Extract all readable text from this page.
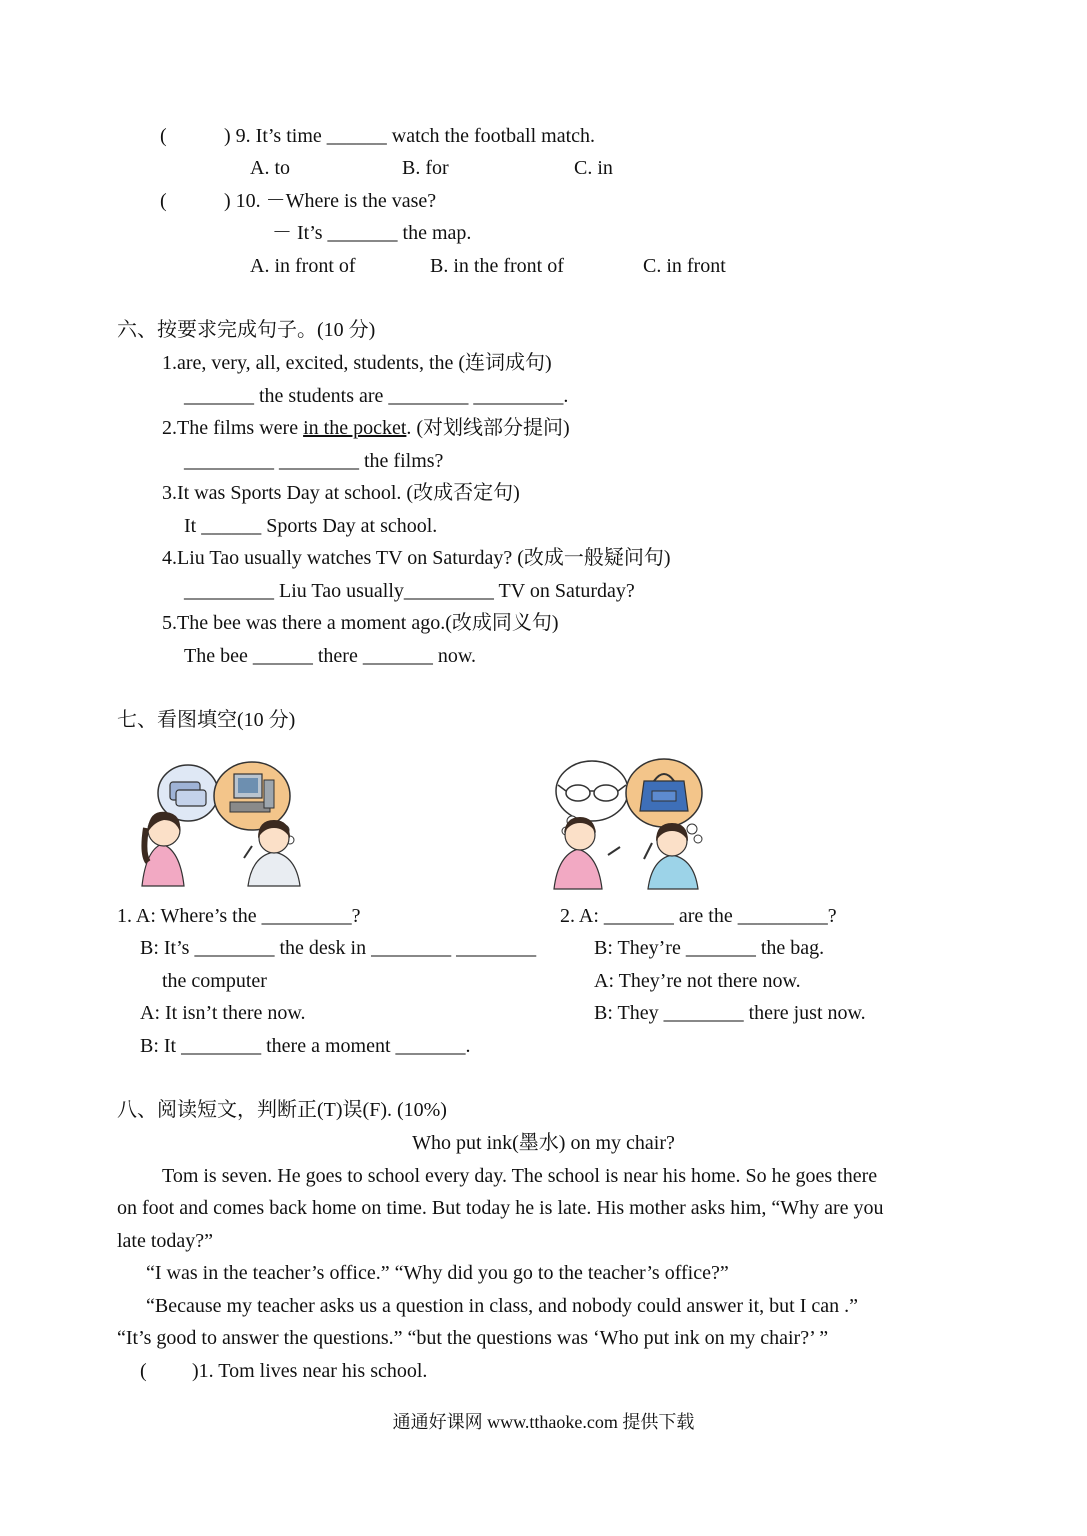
(	) 9. It’s time ______ watch the football match.
A. to	B. for	C. in
(	) 10. －Where is the vase?
－ It’s _______ the map.
A. in front of	B. in the front of	C. in front
六、按要求完成句子。(10 分)
1.are, very, all, excited, students, the (连词成句)
_______ the students are ________ _________.
2.The films were in the pocket. (对划线部分提问)
_________ ________ the films?
3.It was Sports Day at school. (改成否定句)
It ______ Sports Day at school.
4.Liu Tao usually watches TV on Saturday? (改成一般疑问句)
_________ Liu Tao usually_________ TV on Saturday?
5.The bee was there a moment ago.(改成同义句)
The bee ______ there _______ now.
七、看图填空(10 分)
1. A: Where’s the _________?
B: It’s ________ the desk in ________ ________
the computer
A: It isn’t there now.
B: It ________ there a moment _______.
2. A: _______ are the _________?
B: They’re _______ the bag.
A: They’re not there now.
B: They ________ there just now.
八、阅读短文，判断正(T)误(F). (10%)
Who put ink(墨水) on my chair?
Tom is seven. He goes to school every day. The school is near his home. So he goes there
on foot and comes back home on time. But today he is late. His mother asks him, “Why are you
late today?”
“I was in the teacher’s office.” “Why did you go to the teacher’s office?”
“Because my teacher asks us a question in class, and nobody could answer it, but I can .”
“It’s good to answer the questions.” “but the questions was ‘Who put ink on my chair?’ ”
( )1. Tom lives near his school.
通通好课网 www.tthaoke.com 提供下载
